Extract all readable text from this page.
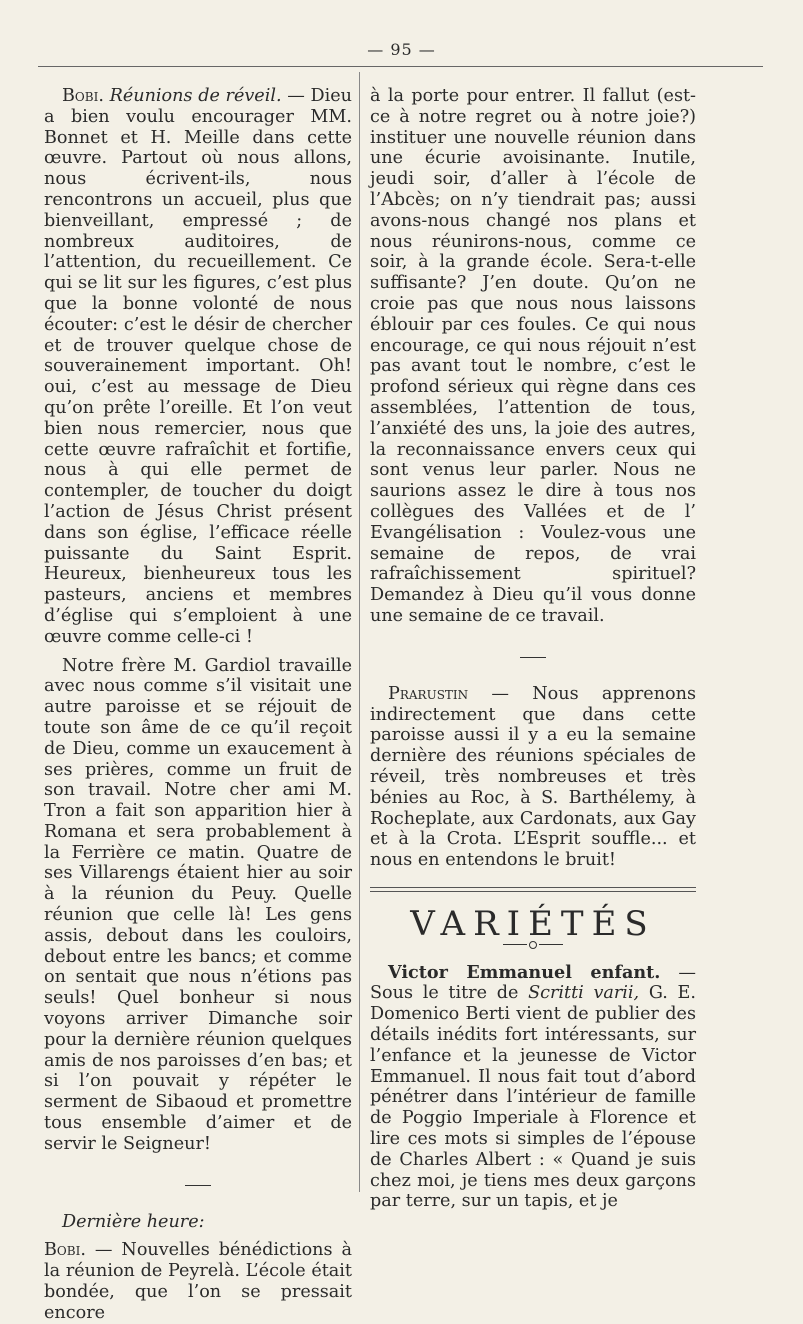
— 95 —

Bobi. Réunions de réveil. — Dieu a bien voulu encourager MM. Bonnet et H. Meille dans cette œuvre. Partout où nous allons, nous écrivent-ils, nous rencontrons un accueil, plus que bienveillant, empressé ; de nombreux auditoires, de l’attention, du recueillement. Ce qui se lit sur les figures, c’est plus que la bonne volonté de nous écouter: c’est le désir de chercher et de trouver quelque chose de souverainement important. Oh! oui, c’est au message de Dieu qu’on prête l’oreille. Et l’on veut bien nous remercier, nous que cette œuvre rafraîchit et fortifie, nous à qui elle permet de contempler, de toucher du doigt l’action de Jésus Christ présent dans son église, l’efficace réelle puissante du Saint Esprit. Heureux, bienheureux tous les pasteurs, anciens et membres d’église qui s’emploient à une œuvre comme celle-ci !

Notre frère M. Gardiol travaille avec nous comme s’il visitait une autre paroisse et se réjouit de toute son âme de ce qu’il reçoit de Dieu, comme un exaucement à ses prières, comme un fruit de son travail. Notre cher ami M. Tron a fait son apparition hier à Romana et sera probablement à la Ferrière ce matin. Quatre de ses Villarengs étaient hier au soir à la réunion du Peuy. Quelle réunion que celle là! Les gens assis, debout dans les couloirs, debout entre les bancs; et comme on sentait que nous n’étions pas seuls! Quel bonheur si nous voyons arriver Dimanche soir pour la dernière réunion quelques amis de nos paroisses d’en bas; et si l’on pouvait y répéter le serment de Sibaoud et promettre tous ensemble d’aimer et de servir le Seigneur!

Dernière heure:

Bobi. — Nouvelles bénédictions à la réunion de Peyrelà. L’école était bondée, que l’on se pressait encore

à la porte pour entrer. Il fallut (est-ce à notre regret ou à notre joie?) instituer une nouvelle réunion dans une écurie avoisinante. Inutile, jeudi soir, d’aller à l’école de l’Abcès; on n’y tiendrait pas; aussi avons-nous changé nos plans et nous réunirons-nous, comme ce soir, à la grande école. Sera-t-elle suffisante? J’en doute. Qu’on ne croie pas que nous nous laissons éblouir par ces foules. Ce qui nous encourage, ce qui nous réjouit n’est pas avant tout le nombre, c’est le profond sérieux qui règne dans ces assemblées, l’attention de tous, l’anxiété des uns, la joie des autres, la reconnaissance envers ceux qui sont venus leur parler. Nous ne saurions assez le dire à tous nos collègues des Vallées et de l’ Evangélisation : Voulez-vous une semaine de repos, de vrai rafraîchissement spirituel? Demandez à Dieu qu’il vous donne une semaine de ce travail.

Prarustin — Nous apprenons indirectement que dans cette paroisse aussi il y a eu la semaine dernière des réunions spéciales de réveil, très nombreuses et très bénies au Roc, à S. Barthélemy, à Rocheplate, aux Cardonats, aux Gay et à la Crota. L’Esprit souffle... et nous en entendons le bruit!

VARIÉTÉS

Victor Emmanuel enfant. — Sous le titre de Scritti varii, G. E. Domenico Berti vient de publier des détails inédits fort intéressants, sur l’enfance et la jeunesse de Victor Emmanuel. Il nous fait tout d’abord pénétrer dans l’intérieur de famille de Poggio Imperiale à Florence et lire ces mots si simples de l’épouse de Charles Albert : « Quand je suis chez moi, je tiens mes deux garçons par terre, sur un tapis, et je
